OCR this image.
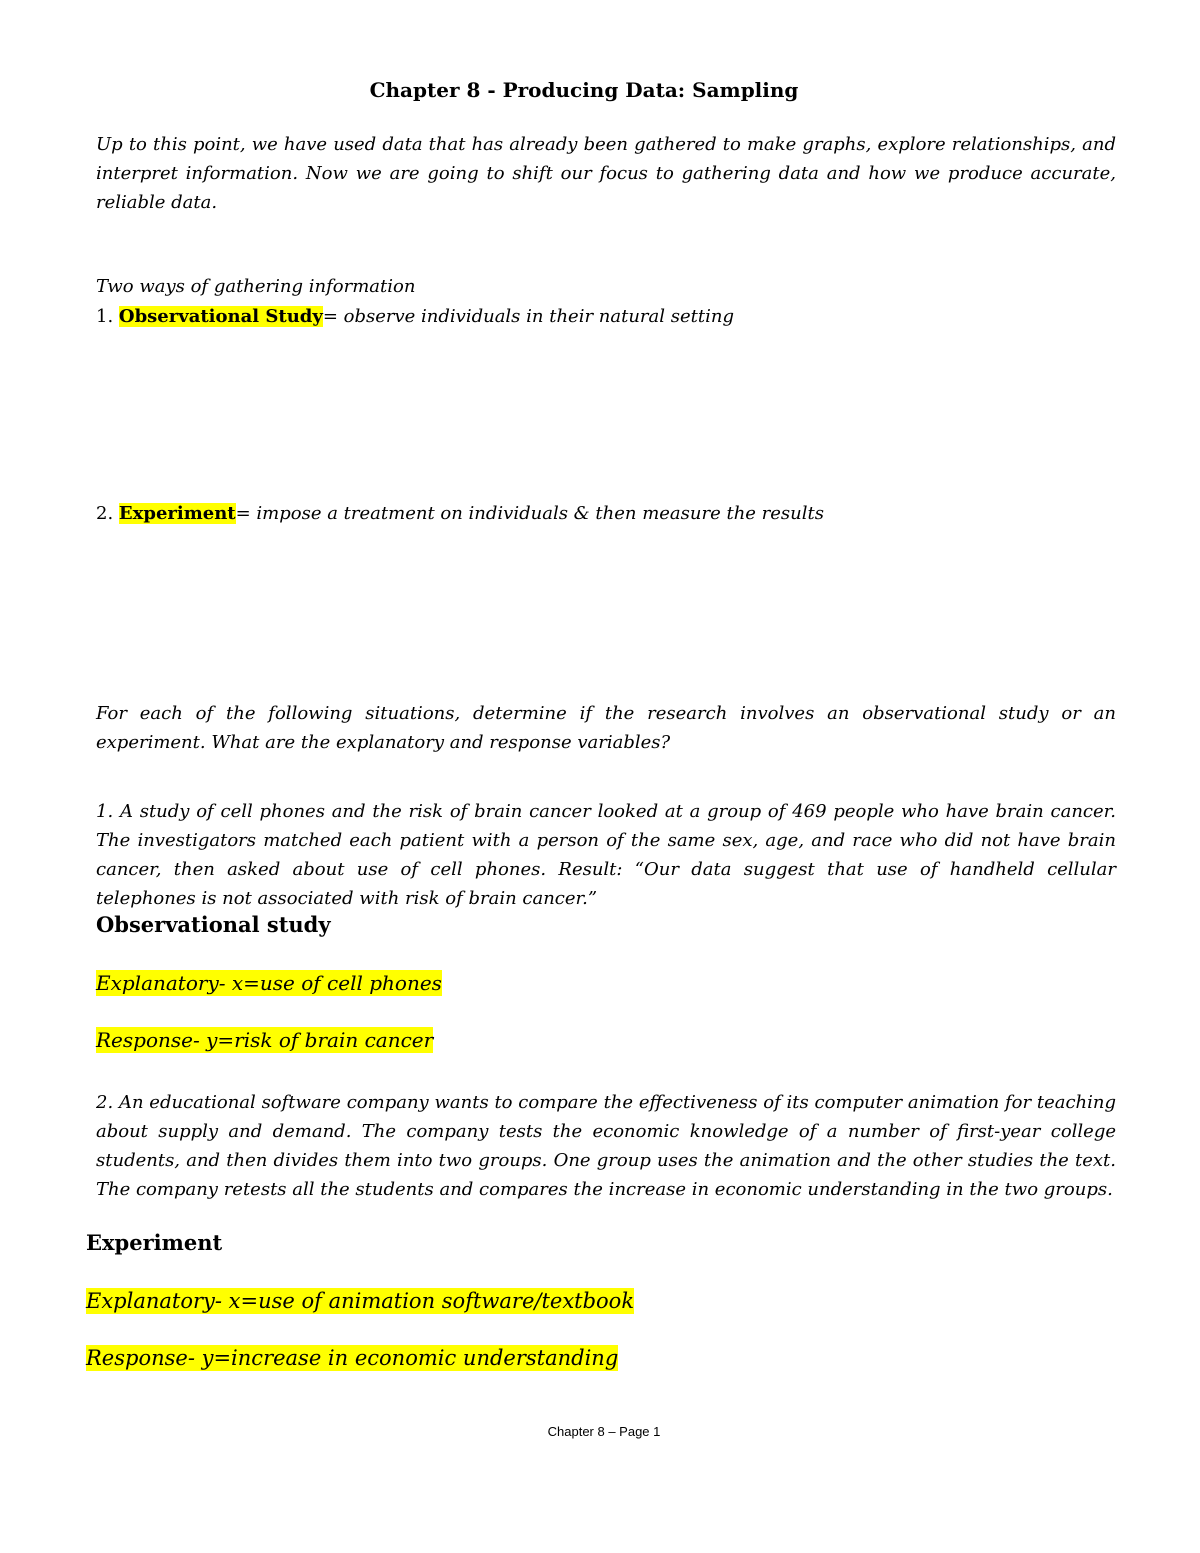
Chapter 8 - Producing Data: Sampling
Up to this point, we have used data that has already been gathered to make graphs, explore relationships, and interpret information. Now we are going to shift our focus to gathering data and how we produce accurate, reliable data.
Two ways of gathering information
1. Observational Study= observe individuals in their natural setting
2. Experiment= impose a treatment on individuals & then measure the results
For each of the following situations, determine if the research involves an observational study or an experiment. What are the explanatory and response variables?
1. A study of cell phones and the risk of brain cancer looked at a group of 469 people who have brain cancer. The investigators matched each patient with a person of the same sex, age, and race who did not have brain cancer, then asked about use of cell phones. Result: “Our data suggest that use of handheld cellular telephones is not associated with risk of brain cancer.”
Observational study
Explanatory- x=use of cell phones
Response- y=risk of brain cancer
2. An educational software company wants to compare the effectiveness of its computer animation for teaching about supply and demand. The company tests the economic knowledge of a number of first-year college students, and then divides them into two groups. One group uses the animation and the other studies the text. The company retests all the students and compares the increase in economic understanding in the two groups.
Experiment
Explanatory- x=use of animation software/textbook
Response- y=increase in economic understanding
Chapter 8 – Page 1
